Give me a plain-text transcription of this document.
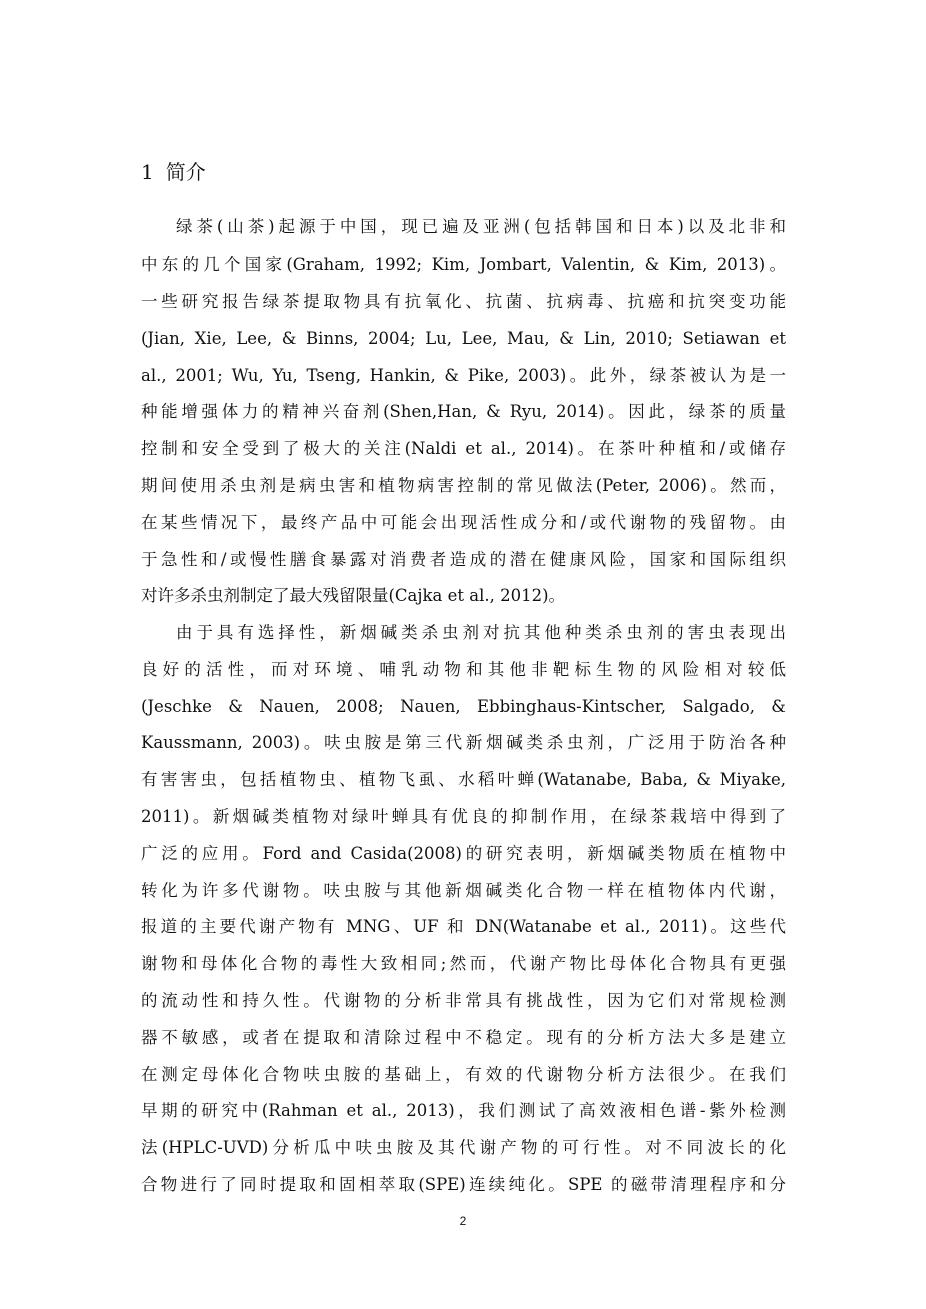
1 简介
绿茶(山茶)起源于中国，现已遍及亚洲(包括韩国和日本)以及北非和
中东的几个国家(Graham, 1992; Kim, Jombart, Valentin, & Kim, 2013)。
一些研究报告绿茶提取物具有抗氧化、抗菌、抗病毒、抗癌和抗突变功能
(Jian, Xie, Lee, & Binns, 2004; Lu, Lee, Mau, & Lin, 2010; Setiawan et
al., 2001; Wu, Yu, Tseng, Hankin, & Pike, 2003)。此外，绿茶被认为是一
种能增强体力的精神兴奋剂(Shen,Han, & Ryu, 2014)。因此，绿茶的质量
控制和安全受到了极大的关注(Naldi et al., 2014)。在茶叶种植和/或储存
期间使用杀虫剂是病虫害和植物病害控制的常见做法(Peter, 2006)。然而，
在某些情况下，最终产品中可能会出现活性成分和/或代谢物的残留物。由
于急性和/或慢性膳食暴露对消费者造成的潜在健康风险，国家和国际组织
对许多杀虫剂制定了最大残留限量(Cajka et al., 2012)。
由于具有选择性，新烟碱类杀虫剂对抗其他种类杀虫剂的害虫表现出
良好的活性，而对环境、哺乳动物和其他非靶标生物的风险相对较低
(Jeschke & Nauen, 2008; Nauen, Ebbinghaus-Kintscher, Salgado, &
Kaussmann, 2003)。呋虫胺是第三代新烟碱类杀虫剂，广泛用于防治各种
有害害虫，包括植物虫、植物飞虱、水稻叶蝉(Watanabe, Baba, & Miyake,
2011)。新烟碱类植物对绿叶蝉具有优良的抑制作用，在绿茶栽培中得到了
广泛的应用。Ford and Casida(2008)的研究表明，新烟碱类物质在植物中
转化为许多代谢物。呋虫胺与其他新烟碱类化合物一样在植物体内代谢，
报道的主要代谢产物有 MNG、UF 和 DN(Watanabe et al., 2011)。这些代
谢物和母体化合物的毒性大致相同;然而，代谢产物比母体化合物具有更强
的流动性和持久性。代谢物的分析非常具有挑战性，因为它们对常规检测
器不敏感，或者在提取和清除过程中不稳定。现有的分析方法大多是建立
在测定母体化合物呋虫胺的基础上，有效的代谢物分析方法很少。在我们
早期的研究中(Rahman et al., 2013)，我们测试了高效液相色谱-紫外检测
法(HPLC-UVD)分析瓜中呋虫胺及其代谢产物的可行性。对不同波长的化
合物进行了同时提取和固相萃取(SPE)连续纯化。SPE 的磁带清理程序和分
2
